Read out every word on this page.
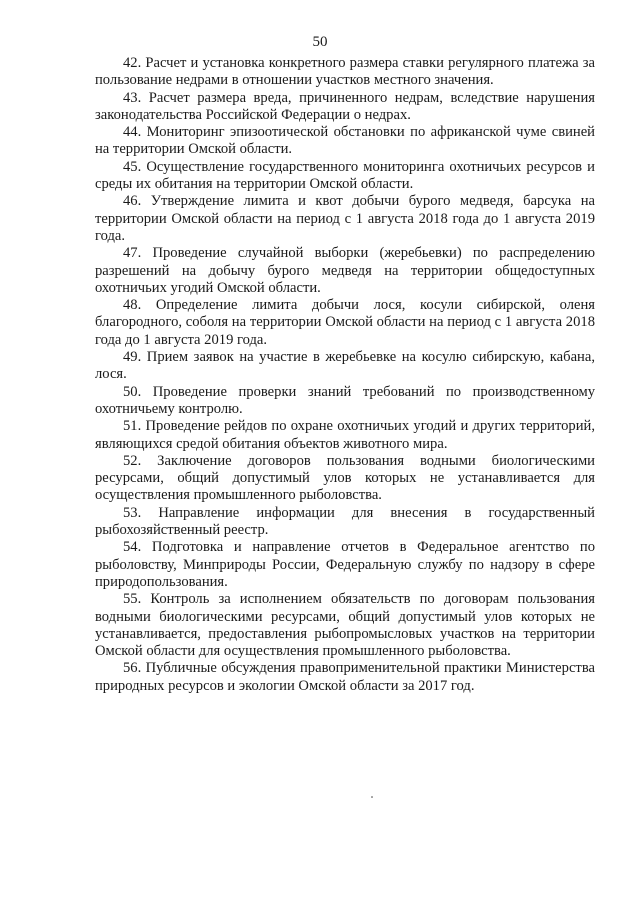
50

42. Расчет и установка конкретного размера ставки регулярного платежа за пользование недрами в отношении участков местного значения.

43. Расчет размера вреда, причиненного недрам, вследствие нарушения законодательства Российской Федерации о недрах.

44. Мониторинг эпизоотической обстановки по африканской чуме свиней на территории Омской области.

45. Осуществление государственного мониторинга охотничьих ресурсов и среды их обитания на территории Омской области.

46. Утверждение лимита и квот добычи бурого медведя, барсука на территории Омской области на период с 1 августа 2018 года до 1 августа 2019 года.

47. Проведение случайной выборки (жеребьевки) по распределению разрешений на добычу бурого медведя на территории общедоступных охотничьих угодий Омской области.

48. Определение лимита добычи лося, косули сибирской, оленя благородного, соболя на территории Омской области на период с 1 августа 2018 года до 1 августа 2019 года.

49. Прием заявок на участие в жеребьевке на косулю сибирскую, кабана, лося.

50. Проведение проверки знаний требований по производственному охотничьему контролю.

51. Проведение рейдов по охране охотничьих угодий и других территорий, являющихся средой обитания объектов животного мира.

52. Заключение договоров пользования водными биологическими ресурсами, общий допустимый улов которых не устанавливается для осуществления промышленного рыболовства.

53. Направление информации для внесения в государственный рыбохозяйственный реестр.

54. Подготовка и направление отчетов в Федеральное агентство по рыболовству, Минприроды России, Федеральную службу по надзору в сфере природопользования.

55. Контроль за исполнением обязательств по договорам пользования водными биологическими ресурсами, общий допустимый улов которых не устанавливается, предоставления рыбопромысловых участков на территории Омской области для осуществления промышленного рыболовства.

56. Публичные обсуждения правоприменительной практики Министерства природных ресурсов и экологии Омской области за 2017 год.
